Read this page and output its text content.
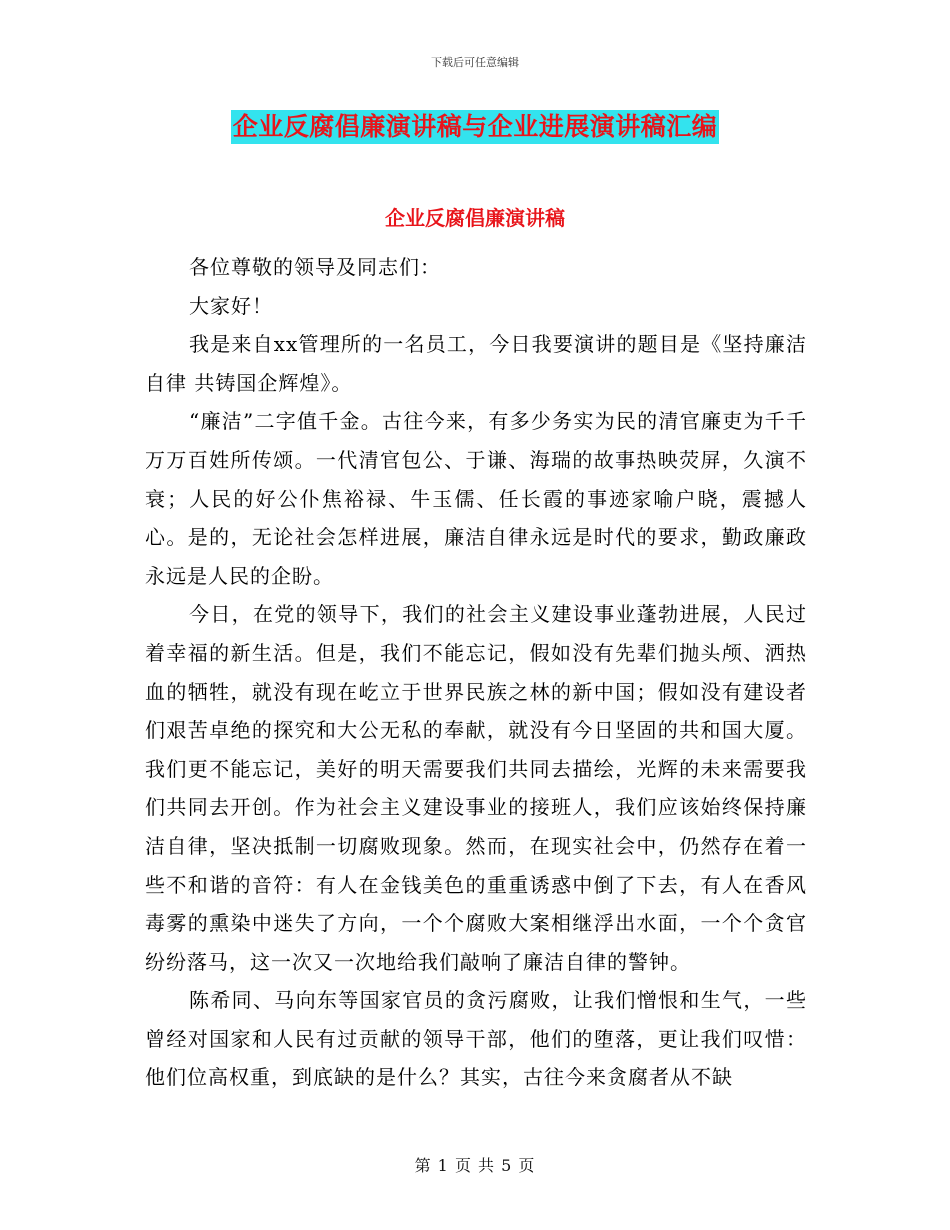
下载后可任意编辑
企业反腐倡廉演讲稿与企业进展演讲稿汇编
企业反腐倡廉演讲稿

各位尊敬的领导及同志们：

大家好！

我是来自xx管理所的一名员工，今日我要演讲的题目是《坚持廉洁自律 共铸国企辉煌》。

“廉洁”二字值千金。古往今来，有多少务实为民的清官廉吏为千千万万百姓所传颂。一代清官包公、于谦、海瑞的故事热映荧屏，久演不衰；人民的好公仆焦裕禄、牛玉儒、任长霞的事迹家喻户晓，震撼人心。是的，无论社会怎样进展，廉洁自律永远是时代的要求，勤政廉政永远是人民的企盼。

今日，在党的领导下，我们的社会主义建设事业蓬勃进展，人民过着幸福的新生活。但是，我们不能忘记，假如没有先辈们抛头颅、洒热血的牺牲，就没有现在屹立于世界民族之林的新中国；假如没有建设者们艰苦卓绝的探究和大公无私的奉献，就没有今日坚固的共和国大厦。我们更不能忘记，美好的明天需要我们共同去描绘，光辉的未来需要我们共同去开创。作为社会主义建设事业的接班人，我们应该始终保持廉洁自律，坚决抵制一切腐败现象。然而，在现实社会中，仍然存在着一些不和谐的音符：有人在金钱美色的重重诱惑中倒了下去，有人在香风毒雾的熏染中迷失了方向，一个个腐败大案相继浮出水面，一个个贪官纷纷落马，这一次又一次地给我们敲响了廉洁自律的警钟。

陈希同、马向东等国家官员的贪污腐败，让我们憎恨和生气，一些曾经对国家和人民有过贡献的领导干部，他们的堕落，更让我们叹惜：他们位高权重，到底缺的是什么？其实，古往今来贪腐者从不缺

第 1 页 共 5 页
